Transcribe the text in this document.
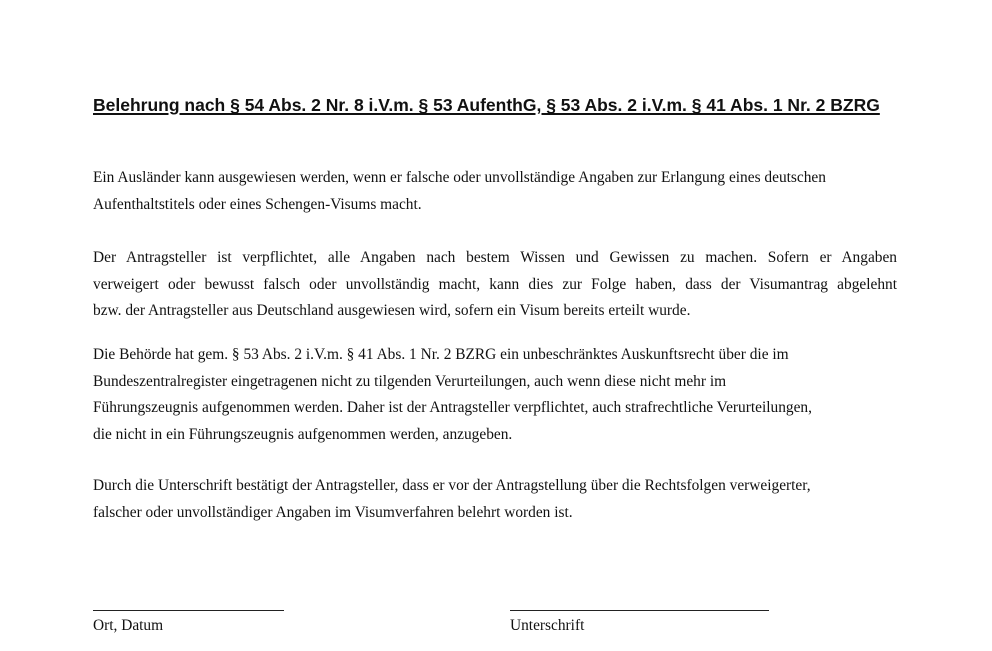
Belehrung nach § 54 Abs. 2 Nr. 8 i.V.m. § 53 AufenthG, § 53 Abs. 2 i.V.m. § 41 Abs. 1 Nr. 2 BZRG

Ein Ausländer kann ausgewiesen werden, wenn er falsche oder unvollständige Angaben zur Erlangung eines deutschen
Aufenthaltstitels oder eines Schengen-Visums macht.

Der Antragsteller ist verpflichtet, alle Angaben nach bestem Wissen und Gewissen zu machen. Sofern er Angaben
verweigert oder bewusst falsch oder unvollständig macht, kann dies zur Folge haben, dass der Visumantrag abgelehnt
bzw. der Antragsteller aus Deutschland ausgewiesen wird, sofern ein Visum bereits erteilt wurde.

Die Behörde hat gem. § 53 Abs. 2 i.V.m. § 41 Abs. 1 Nr. 2 BZRG ein unbeschränktes Auskunftsrecht über die im
Bundeszentralregister eingetragenen nicht zu tilgenden Verurteilungen, auch wenn diese nicht mehr im
Führungszeugnis aufgenommen werden. Daher ist der Antragsteller verpflichtet, auch strafrechtliche Verurteilungen,
die nicht in ein Führungszeugnis aufgenommen werden, anzugeben.

Durch die Unterschrift bestätigt der Antragsteller, dass er vor der Antragstellung über die Rechtsfolgen verweigerter,
falscher oder unvollständiger Angaben im Visumverfahren belehrt worden ist.

Ort, Datum	Unterschrift
